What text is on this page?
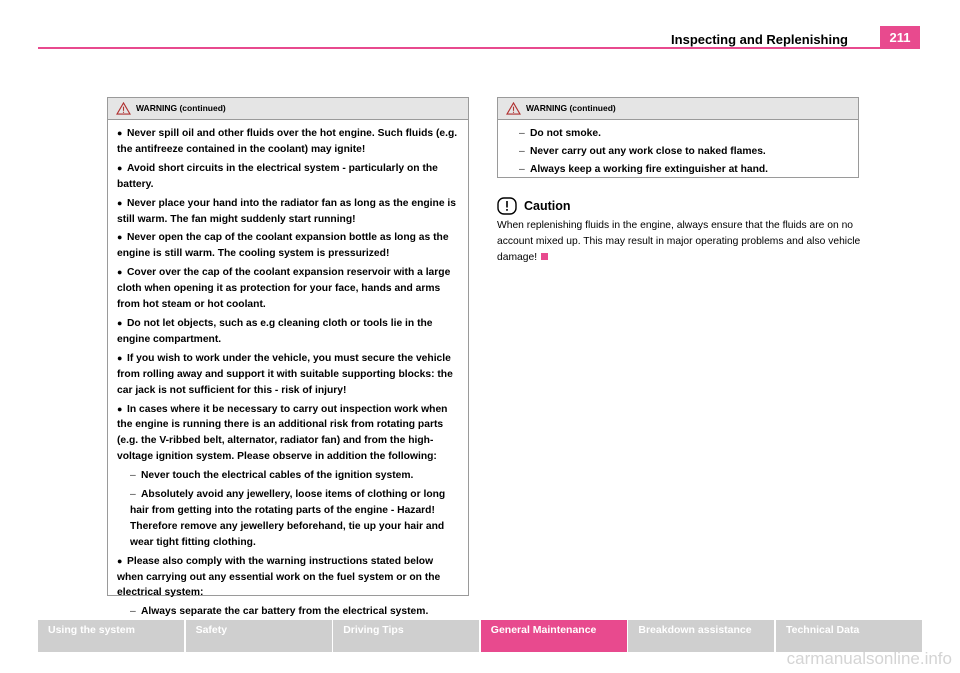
Inspecting and Replenishing	211
WARNING (continued)
● Never spill oil and other fluids over the hot engine. Such fluids (e.g. the antifreeze contained in the coolant) may ignite!
● Avoid short circuits in the electrical system - particularly on the battery.
● Never place your hand into the radiator fan as long as the engine is still warm. The fan might suddenly start running!
● Never open the cap of the coolant expansion bottle as long as the engine is still warm. The cooling system is pressurized!
● Cover over the cap of the coolant expansion reservoir with a large cloth when opening it as protection for your face, hands and arms from hot steam or hot coolant.
● Do not let objects, such as e.g cleaning cloth or tools lie in the engine compartment.
● If you wish to work under the vehicle, you must secure the vehicle from rolling away and support it with suitable supporting blocks: the car jack is not sufficient for this - risk of injury!
● In cases where it be necessary to carry out inspection work when the engine is running there is an additional risk from rotating parts (e.g. the V-ribbed belt, alternator, radiator fan) and from the high-voltage ignition system. Please observe in addition the following:
– Never touch the electrical cables of the ignition system.
– Absolutely avoid any jewellery, loose items of clothing or long hair from getting into the rotating parts of the engine - Hazard! Therefore remove any jewellery beforehand, tie up your hair and wear tight fitting clothing.
● Please also comply with the warning instructions stated below when carrying out any essential work on the fuel system or on the electrical system:
– Always separate the car battery from the electrical system.
WARNING (continued)
– Do not smoke.
– Never carry out any work close to naked flames.
– Always keep a working fire extinguisher at hand.
Caution
When replenishing fluids in the engine, always ensure that the fluids are on no account mixed up. This may result in major operating problems and also vehicle damage!
Using the system	Safety	Driving Tips	General Maintenance	Breakdown assistance	Technical Data
carmanualsonline.info
